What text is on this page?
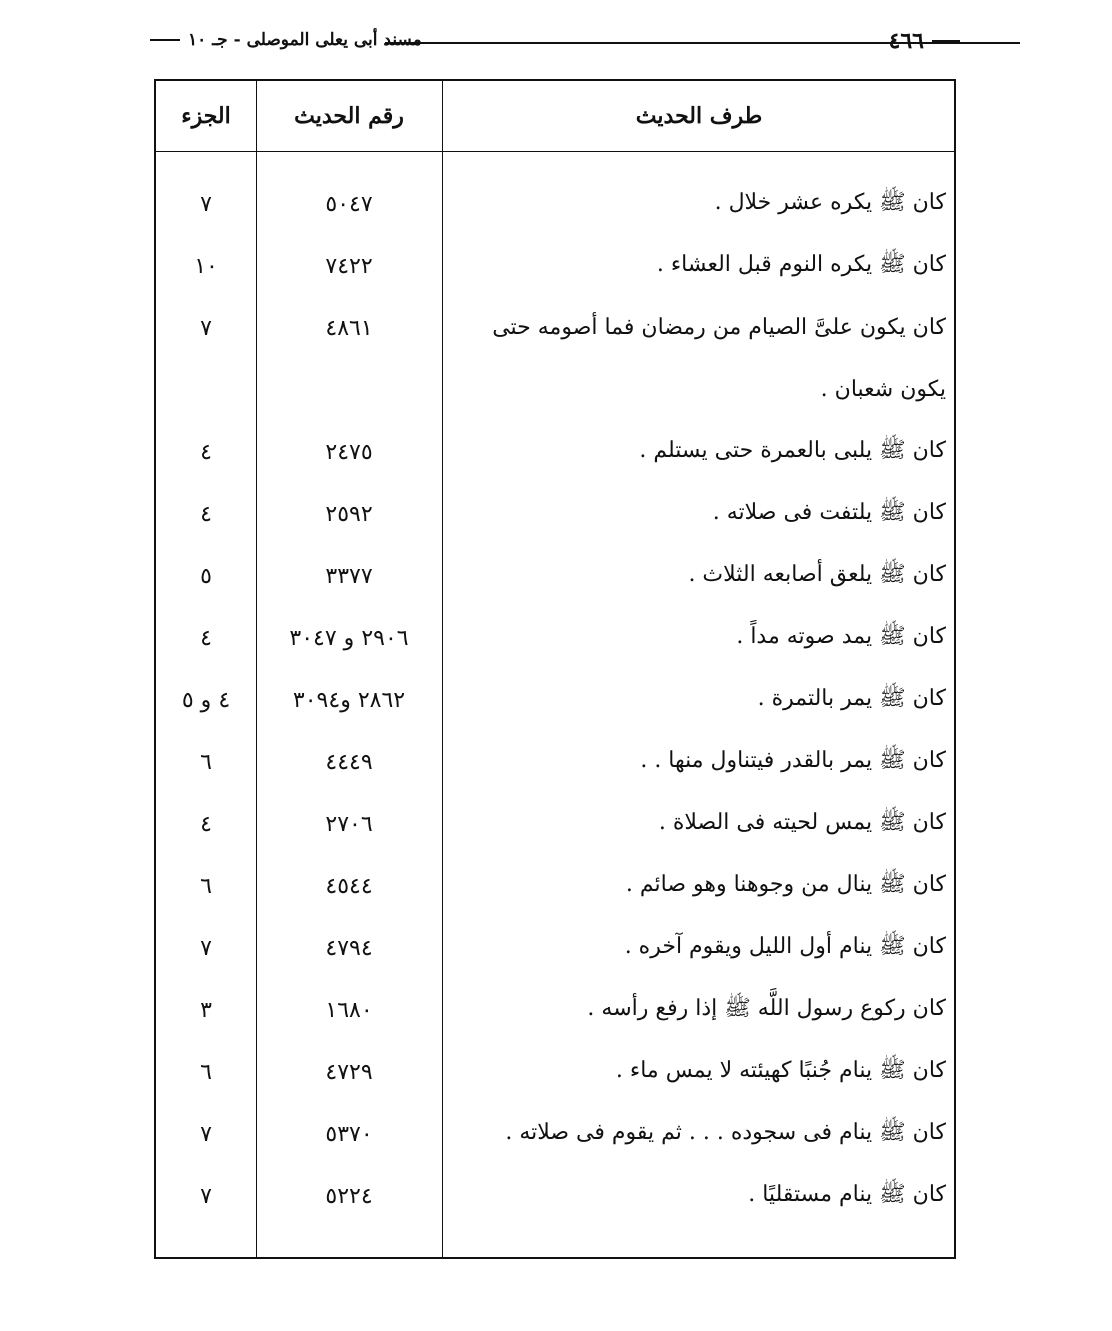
٤٦٦
مسند أبى يعلى الموصلى - جـ ١٠
طرف الحديث
رقم الحديث
الجزء
كان ﷺ يكره عشر خلال .
٥٠٤٧
٧
كان ﷺ يكره النوم قبل العشاء .
٧٤٢٢
١٠
كان يكون علىَّ الصيام من رمضان فما أصومه حتى يكون شعبان .
٤٨٦١
٧
كان ﷺ يلبى بالعمرة حتى يستلم .
٢٤٧٥
٤
كان ﷺ يلتفت فى صلاته .
٢٥٩٢
٤
كان ﷺ يلعق أصابعه الثلاث .
٣٣٧٧
٥
كان ﷺ يمد صوته مداً .
٢٩٠٦ و ٣٠٤٧
٤
كان ﷺ يمر بالتمرة .
٢٨٦٢ و٣٠٩٤
٤ و ٥
كان ﷺ يمر بالقدر فيتناول منها . .
٤٤٤٩
٦
كان ﷺ يمس لحيته فى الصلاة .
٢٧٠٦
٤
كان ﷺ ينال من وجوهنا وهو صائم .
٤٥٤٤
٦
كان ﷺ ينام أول الليل ويقوم آخره .
٤٧٩٤
٧
كان ركوع رسول اللَّه ﷺ إذا رفع رأسه .
١٦٨٠
٣
كان ﷺ ينام جُنبًا كهيئته لا يمس ماء .
٤٧٢٩
٦
كان ﷺ ينام فى سجوده . . . ثم يقوم فى صلاته .
٥٣٧٠
٧
كان ﷺ ينام مستقليًا .
٥٢٢٤
٧
